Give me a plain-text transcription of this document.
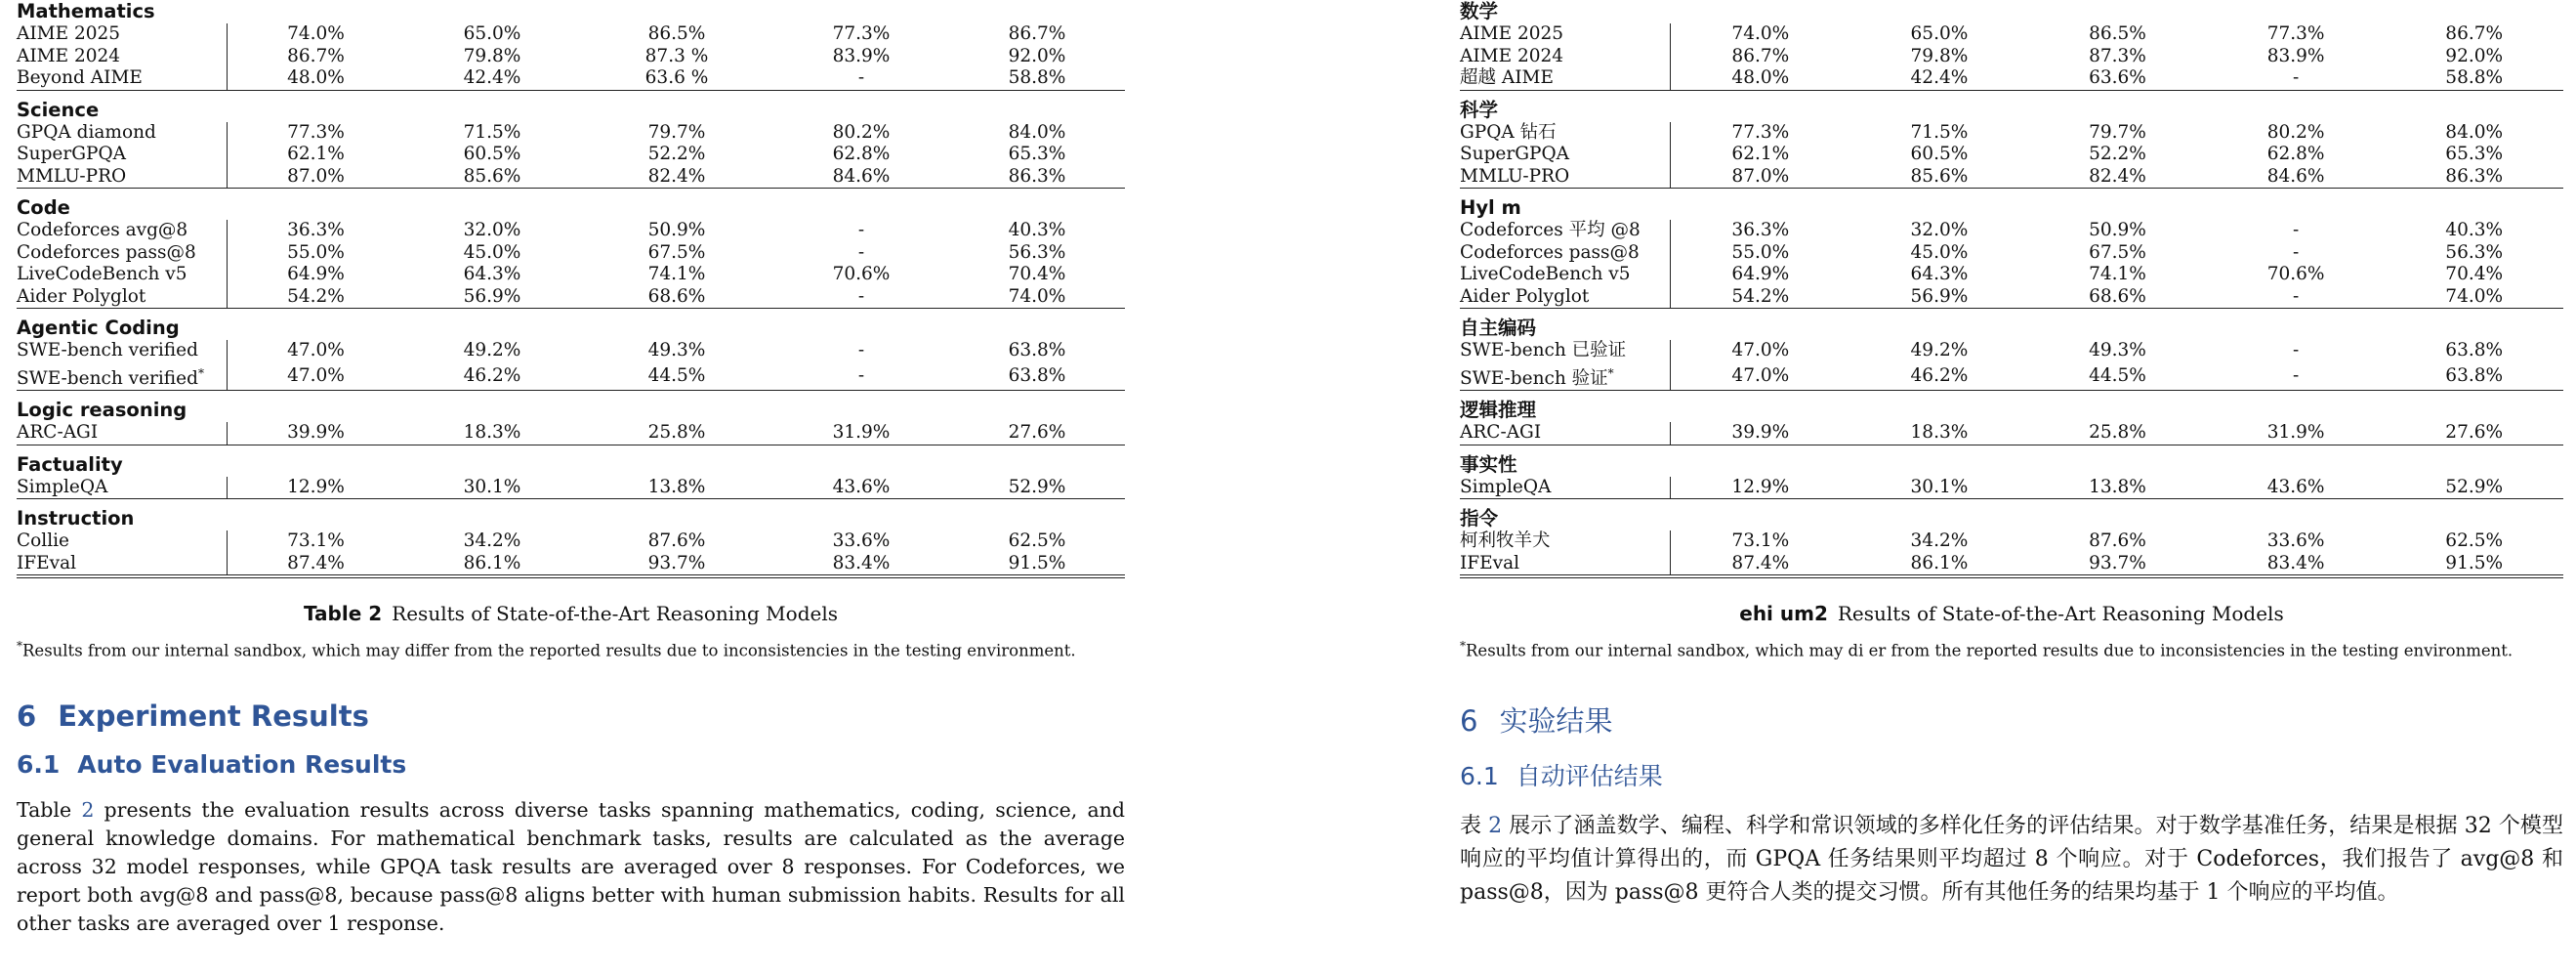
Mathematics					
AIME 2025	74.0%	65.0%	86.5%	77.3%	86.7%
AIME 2024	86.7%	79.8%	87.3 %	83.9%	92.0%
Beyond AIME	48.0%	42.4%	63.6 %	-	58.8%
Science					
GPQA diamond	77.3%	71.5%	79.7%	80.2%	84.0%
SuperGPQA	62.1%	60.5%	52.2%	62.8%	65.3%
MMLU-PRO	87.0%	85.6%	82.4%	84.6%	86.3%
Code					
Codeforces avg@8	36.3%	32.0%	50.9%	-	40.3%
Codeforces pass@8	55.0%	45.0%	67.5%	-	56.3%
LiveCodeBench v5	64.9%	64.3%	74.1%	70.6%	70.4%
Aider Polyglot	54.2%	56.9%	68.6%	-	74.0%
Agentic Coding					
SWE-bench verified	47.0%	49.2%	49.3%	-	63.8%
SWE-bench verified*	47.0%	46.2%	44.5%	-	63.8%
Logic reasoning					
ARC-AGI	39.9%	18.3%	25.8%	31.9%	27.6%
Factuality					
SimpleQA	12.9%	30.1%	13.8%	43.6%	52.9%
Instruction					
Collie	73.1%	34.2%	87.6%	33.6%	62.5%
IFEval	87.4%	86.1%	93.7%	83.4%	91.5%
Table 2 Results of State-of-the-Art Reasoning Models
*Results from our internal sandbox, which may differ from the reported results due to inconsistencies in the testing environment.
6 Experiment Results
6.1 Auto Evaluation Results
Table 2 presents the evaluation results across diverse tasks spanning mathematics, coding, science, and general knowledge domains. For mathematical benchmark tasks, results are calculated as the average across 32 model responses, while GPQA task results are averaged over 8 responses. For Codeforces, we report both avg@8 and pass@8, because pass@8 aligns better with human submission habits. Results for all other tasks are averaged over 1 response.
数学					
AIME 2025	74.0%	65.0%	86.5%	77.3%	86.7%
AIME 2024	86.7%	79.8%	87.3%	83.9%	92.0%
超越 AIME	48.0%	42.4%	63.6%	-	58.8%
科学					
GPQA 钻石	77.3%	71.5%	79.7%	80.2%	84.0%
SuperGPQA	62.1%	60.5%	52.2%	62.8%	65.3%
MMLU-PRO	87.0%	85.6%	82.4%	84.6%	86.3%
Hyl m					
Codeforces 平均 @8	36.3%	32.0%	50.9%	-	40.3%
Codeforces pass@8	55.0%	45.0%	67.5%	-	56.3%
LiveCodeBench v5	64.9%	64.3%	74.1%	70.6%	70.4%
Aider Polyglot	54.2%	56.9%	68.6%	-	74.0%
自主编码					
SWE-bench 已验证	47.0%	49.2%	49.3%	-	63.8%
SWE-bench 验证*	47.0%	46.2%	44.5%	-	63.8%
逻辑推理					
ARC-AGI	39.9%	18.3%	25.8%	31.9%	27.6%
事实性					
SimpleQA	12.9%	30.1%	13.8%	43.6%	52.9%
指令					
柯利牧羊犬	73.1%	34.2%	87.6%	33.6%	62.5%
IFEval	87.4%	86.1%	93.7%	83.4%	91.5%
ehi um2 Results of State-of-the-Art Reasoning Models
*Results from our internal sandbox, which may di er from the reported results due to inconsistencies in the testing environment.
6 实验结果
6.1 自动评估结果
表 2 展示了涵盖数学、编程、科学和常识领域的多样化任务的评估结果。对于数学基准任务，结果是根据 32 个模型响应的平均值计算得出的，而 GPQA 任务结果则平均超过 8 个响应。对于 Codeforces，我们报告了 avg@8 和 pass@8，因为 pass@8 更符合人类的提交习惯。所有其他任务的结果均基于 1 个响应的平均值。
